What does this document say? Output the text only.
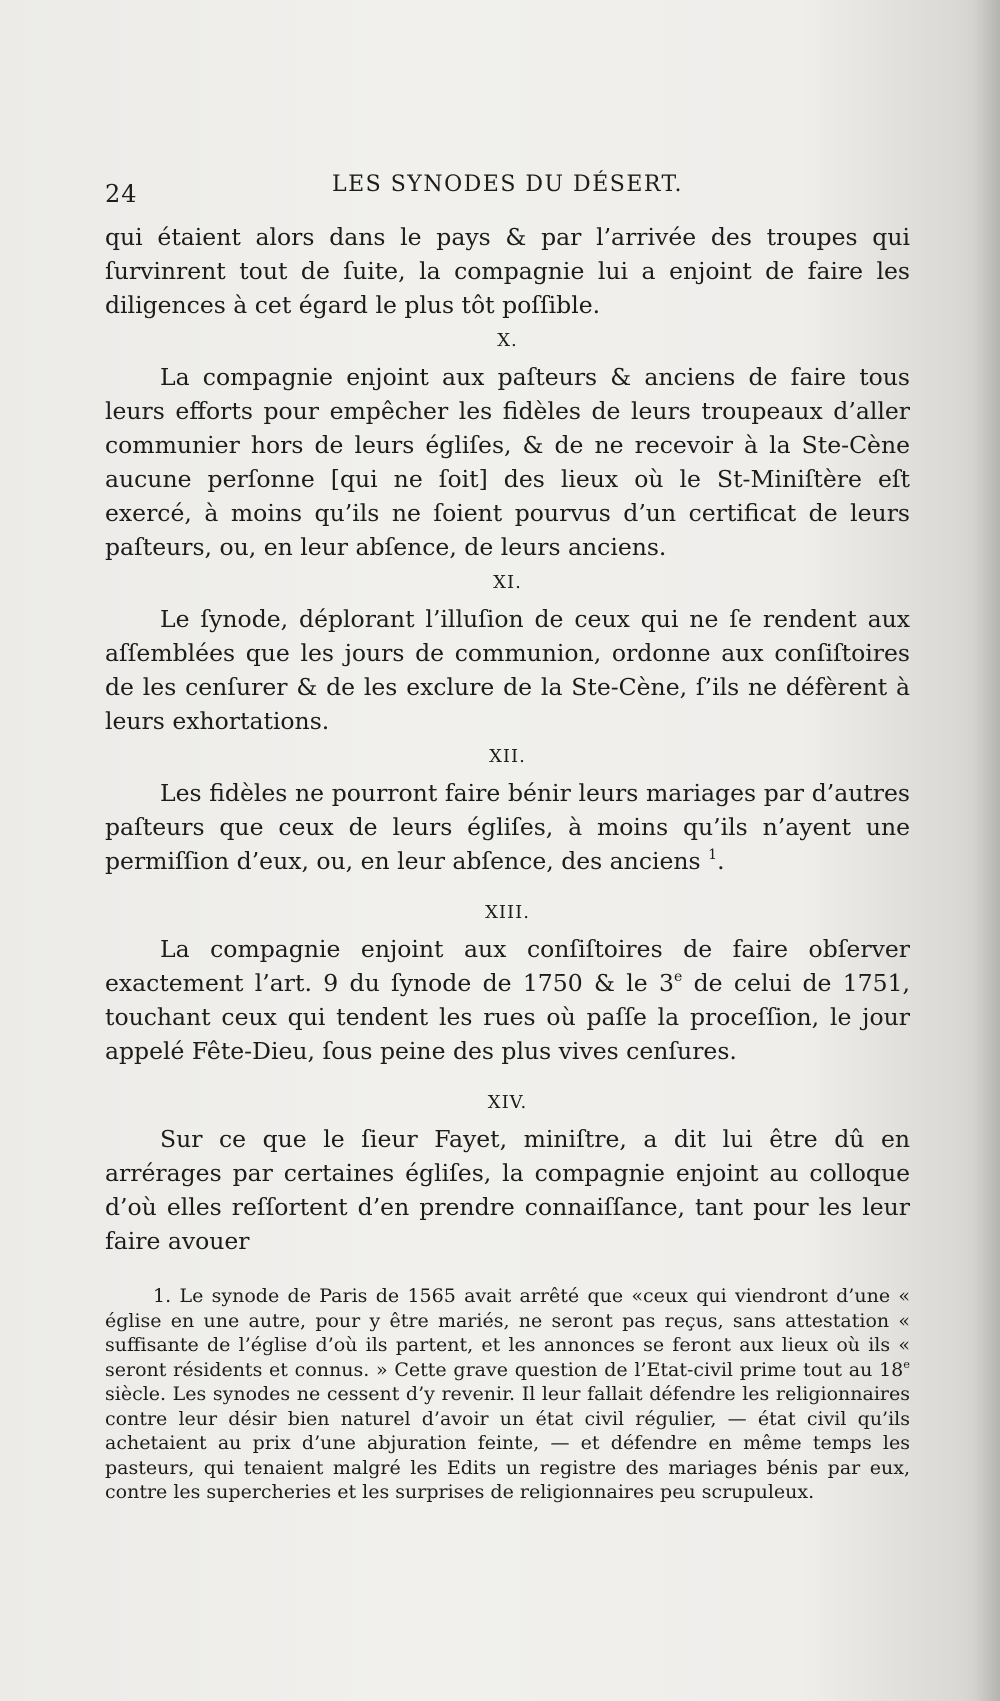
24	LES SYNODES DU DÉSERT.

qui étaient alors dans le pays & par l’arrivée des troupes qui ſurvinrent tout de ſuite, la compagnie lui a enjoint de faire les diligences à cet égard le plus tôt poſſible.

X.

La compagnie enjoint aux paſteurs & anciens de faire tous leurs efforts pour empêcher les fidèles de leurs troupeaux d’aller communier hors de leurs égliſes, & de ne recevoir à la Ste-Cène aucune perſonne [qui ne ſoit] des lieux où le St-Miniſtère eſt exercé, à moins qu’ils ne ſoient pourvus d’un certificat de leurs paſteurs, ou, en leur abſence, de leurs anciens.

XI.

Le ſynode, déplorant l’illuſion de ceux qui ne ſe rendent aux aſſemblées que les jours de communion, ordonne aux conſiſtoires de les cenſurer & de les exclure de la Ste-Cène, ſ’ils ne défèrent à leurs exhortations.

XII.

Les fidèles ne pourront faire bénir leurs mariages par d’autres paſteurs que ceux de leurs égliſes, à moins qu’ils n’ayent une permiſſion d’eux, ou, en leur abſence, des anciens $^1$.

XIII.

La compagnie enjoint aux conſiſtoires de faire obſerver exactement l’art. 9 du ſynode de 1750 & le 3e de celui de 1751, touchant ceux qui tendent les rues où paſſe la proceſſion, le jour appelé Fête-Dieu, ſous peine des plus vives cenſures.

XIV.

Sur ce que le ſieur Fayet, miniſtre, a dit lui être dû en arrérages par certaines égliſes, la compagnie enjoint au colloque d’où elles reſſortent d’en prendre connaiſſance, tant pour les leur faire avouer

1. Le synode de Paris de 1565 avait arrêté que «ceux qui viendront d’une « église en une autre, pour y être mariés, ne seront pas reçus, sans attestation « suffisante de l’église d’où ils partent, et les annonces se feront aux lieux où ils « seront résidents et connus. » Cette grave question de l’Etat-civil prime tout au 18e siècle. Les synodes ne cessent d’y revenir. Il leur fallait défendre les religionnaires contre leur désir bien naturel d’avoir un état civil régulier, — état civil qu’ils achetaient au prix d’une abjuration feinte, — et défendre en même temps les pasteurs, qui tenaient malgré les Edits un registre des mariages bénis par eux, contre les supercheries et les surprises de religionnaires peu scrupuleux.
